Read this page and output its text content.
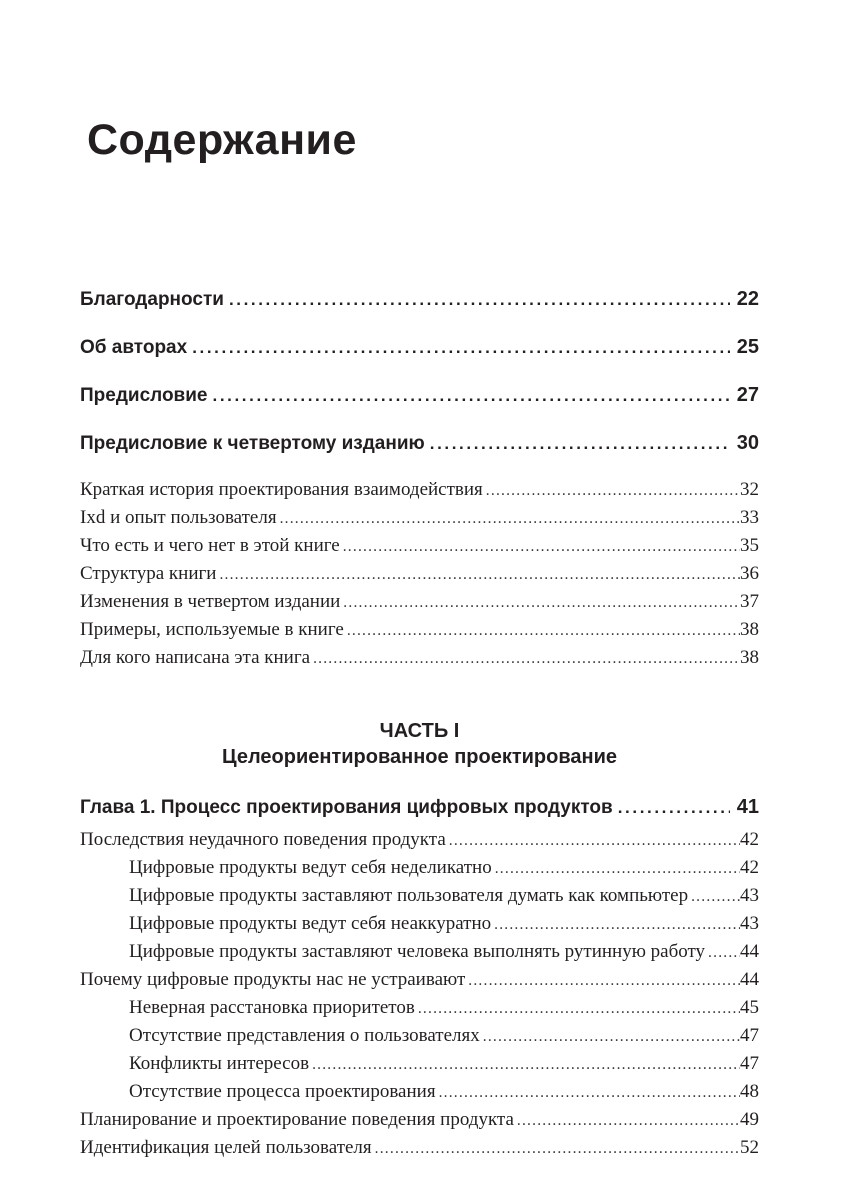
Содержание
Благодарности .....	22
Об авторах .....	25
Предисловие .....	27
Предисловие к четвертому изданию .....	30
Краткая история проектирования взаимодействия .....	32
Ixd и опыт пользователя .....	33
Что есть и чего нет в этой книге .....	35
Структура книги .....	36
Изменения в четвертом издании .....	37
Примеры, используемые в книге .....	38
Для кого написана эта книга .....	38
ЧАСТЬ I
Целеориентированное проектирование
Глава 1. Процесс проектирования цифровых продуктов .....	41
Последствия неудачного поведения продукта .....	42
Цифровые продукты ведут себя неделикатно .....	42
Цифровые продукты заставляют пользователя думать как компьютер .....	43
Цифровые продукты ведут себя неаккуратно .....	43
Цифровые продукты заставляют человека выполнять рутинную работу ..... 44
Почему цифровые продукты нас не устраивают .....	44
Неверная расстановка приоритетов .....	45
Отсутствие представления о пользователях .....	47
Конфликты интересов .....	47
Отсутствие процесса проектирования .....	48
Планирование и проектирование поведения продукта .....	49
Идентификация целей пользователя .....	52
